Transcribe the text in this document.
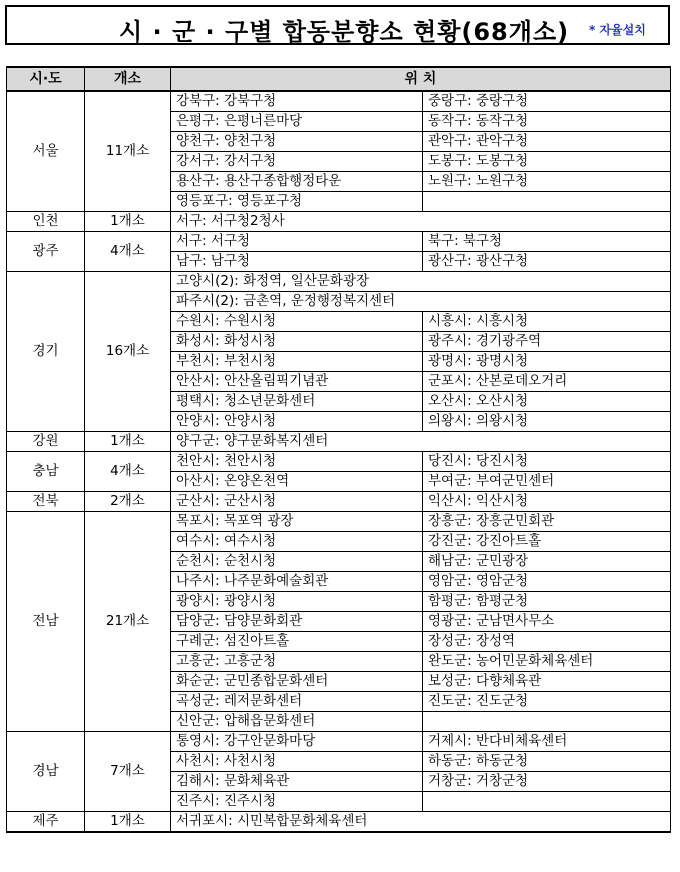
시 · 군 · 구별 합동분향소 현황(68개소) * 자율설치
시·도	개소	위 치	
서울	11개소	강북구: 강북구청	중랑구: 중랑구청
		은평구: 은평너른마당	동작구: 동작구청
		양천구: 양천구청	관악구: 관악구청
		강서구: 강서구청	도봉구: 도봉구청
		용산구: 용산구종합행정타운	노원구: 노원구청
		영등포구: 영등포구청	
인천	1개소	서구: 서구청2청사	
광주	4개소	서구: 서구청	북구: 북구청
		남구: 남구청	광산구: 광산구청
경기	16개소	고양시(2): 화정역, 일산문화광장	
		파주시(2): 금촌역, 운정행정복지센터	
		수원시: 수원시청	시흥시: 시흥시청
		화성시: 화성시청	광주시: 경기광주역
		부천시: 부천시청	광명시: 광명시청
		안산시: 안산올림픽기념관	군포시: 산본로데오거리
		평택시: 청소년문화센터	오산시: 오산시청
		안양시: 안양시청	의왕시: 의왕시청
강원	1개소	양구군: 양구문화복지센터	
충남	4개소	천안시: 천안시청	당진시: 당진시청
		아산시: 온양온천역	부여군: 부여군민센터
전북	2개소	군산시: 군산시청	익산시: 익산시청
전남	21개소	목포시: 목포역 광장	장흥군: 장흥군민회관
		여수시: 여수시청	강진군: 강진아트홀
		순천시: 순천시청	해남군: 군민광장
		나주시: 나주문화예술회관	영암군: 영암군청
		광양시: 광양시청	함평군: 함평군청
		담양군: 담양문화회관	영광군: 군남면사무소
		구례군: 섬진아트홀	장성군: 장성역
		고흥군: 고흥군청	완도군: 농어민문화체육센터
		화순군: 군민종합문화센터	보성군: 다향체육관
		곡성군: 레저문화센터	진도군: 진도군청
		신안군: 압해읍문화센터	
경남	7개소	통영시: 강구안문화마당	거제시: 반다비체육센터
		사천시: 사천시청	하동군: 하동군청
		김해시: 문화체육관	거창군: 거창군청
		진주시: 진주시청	
제주	1개소	서귀포시: 시민복합문화체육센터	
